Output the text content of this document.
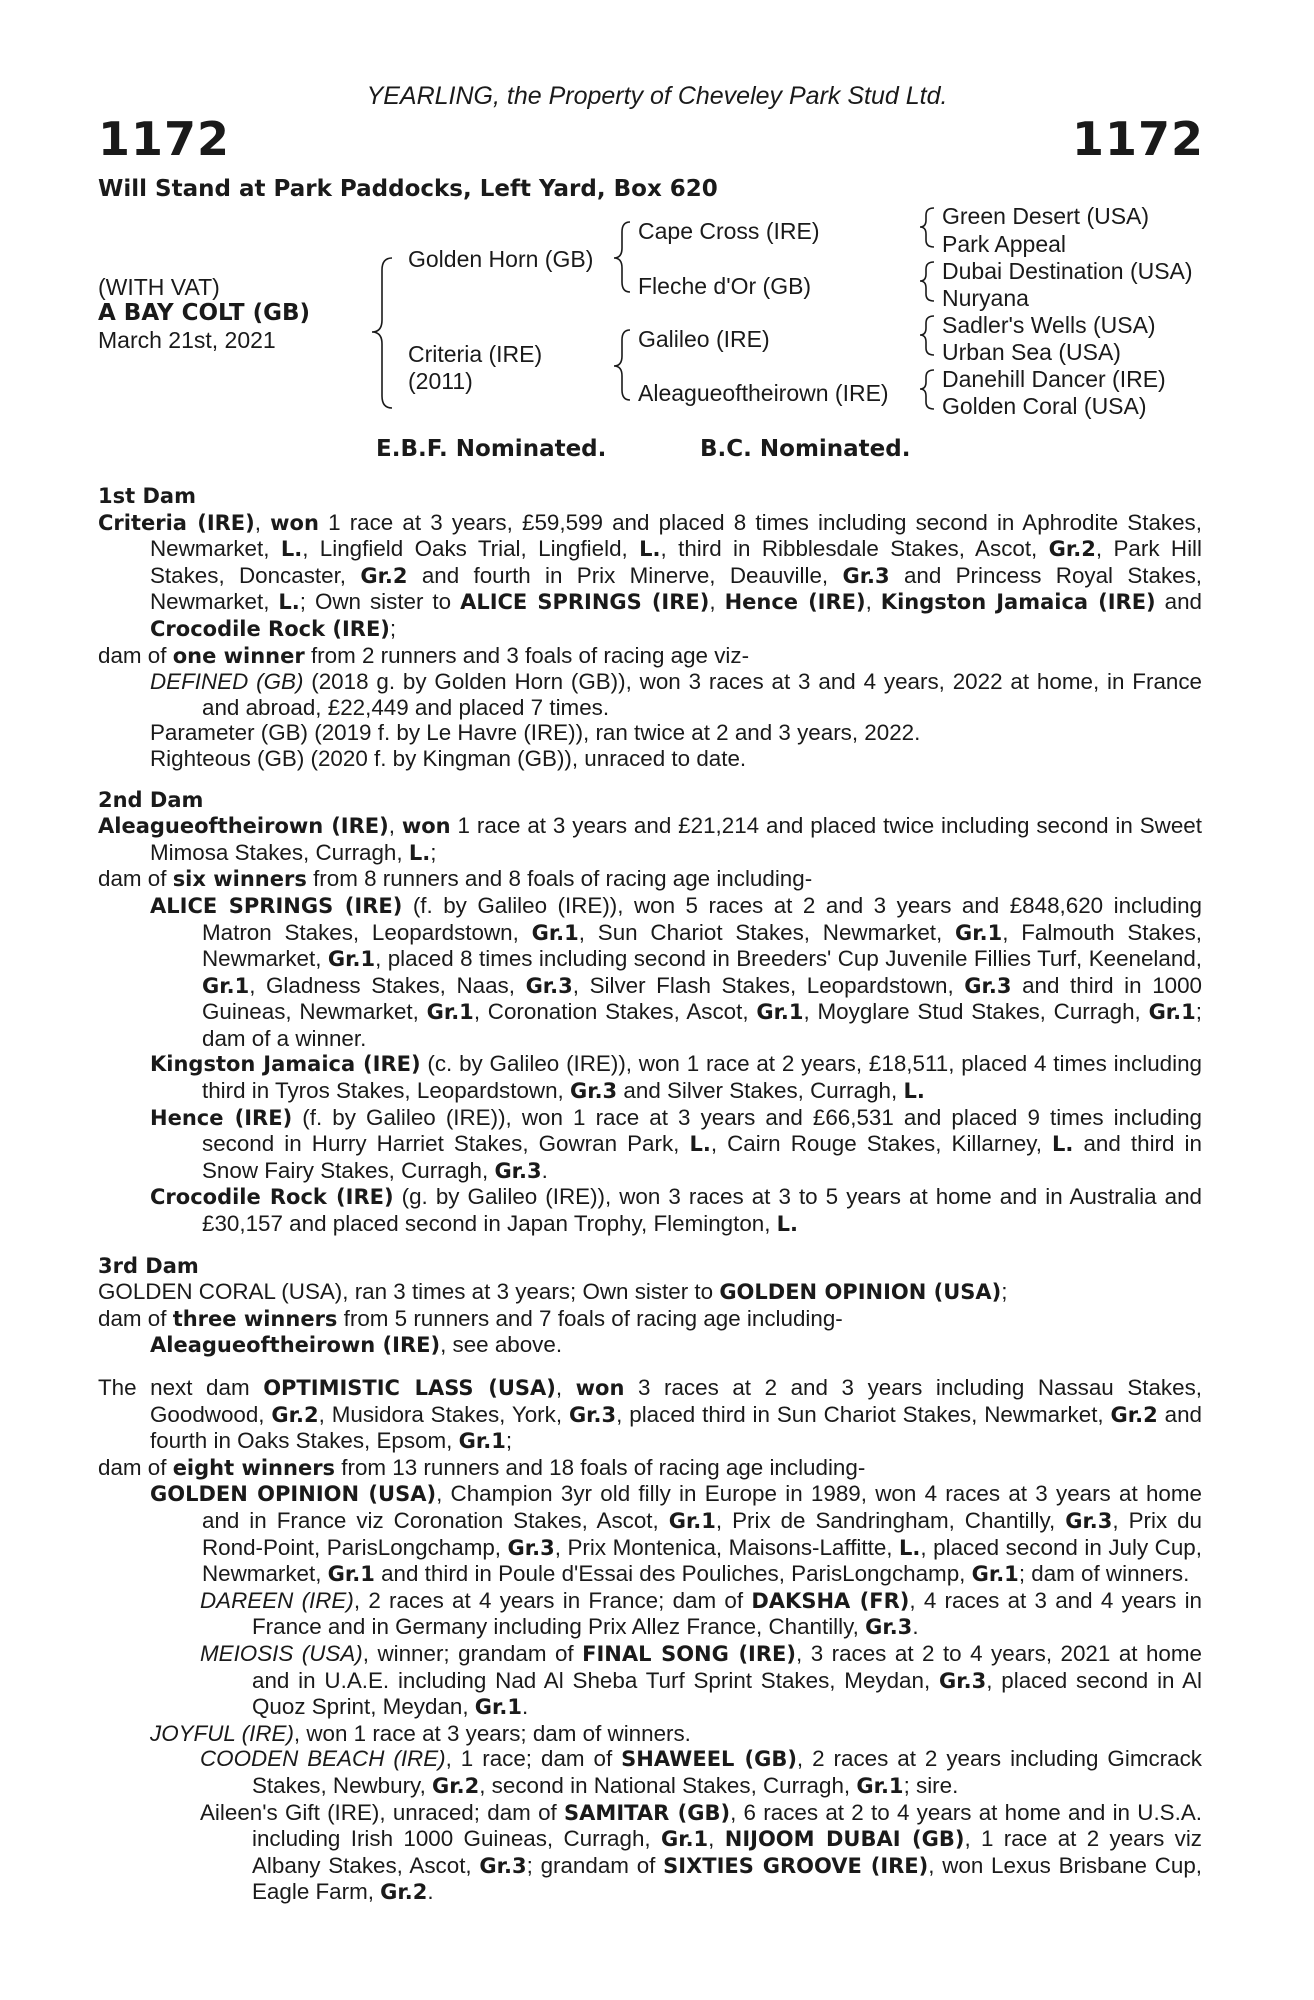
YEARLING, the Property of Cheveley Park Stud Ltd.
1172	1172
Will Stand at Park Paddocks, Left Yard, Box 620
(WITH VAT)
A BAY COLT (GB)
March 21st, 2021
Golden Horn (GB)
Criteria (IRE)
(2011)
Cape Cross (IRE)
Fleche d'Or (GB)
Galileo (IRE)
Aleagueoftheirown (IRE)
Green Desert (USA)
Park Appeal
Dubai Destination (USA)
Nuryana
Sadler's Wells (USA)
Urban Sea (USA)
Danehill Dancer (IRE)
Golden Coral (USA)
E.B.F. Nominated.	B.C. Nominated.
1st Dam
Criteria (IRE), won 1 race at 3 years, £59,599 and placed 8 times including second in Aphrodite Stakes, Newmarket, L., Lingfield Oaks Trial, Lingfield, L., third in Ribblesdale Stakes, Ascot, Gr.2, Park Hill Stakes, Doncaster, Gr.2 and fourth in Prix Minerve, Deauville, Gr.3 and Princess Royal Stakes, Newmarket, L.; Own sister to ALICE SPRINGS (IRE), Hence (IRE), Kingston Jamaica (IRE) and Crocodile Rock (IRE);
dam of one winner from 2 runners and 3 foals of racing age viz-
DEFINED (GB) (2018 g. by Golden Horn (GB)), won 3 races at 3 and 4 years, 2022 at home, in France and abroad, £22,449 and placed 7 times.
Parameter (GB) (2019 f. by Le Havre (IRE)), ran twice at 2 and 3 years, 2022.
Righteous (GB) (2020 f. by Kingman (GB)), unraced to date.
2nd Dam
Aleagueoftheirown (IRE), won 1 race at 3 years and £21,214 and placed twice including second in Sweet Mimosa Stakes, Curragh, L.;
dam of six winners from 8 runners and 8 foals of racing age including-
ALICE SPRINGS (IRE) (f. by Galileo (IRE)), won 5 races at 2 and 3 years and £848,620 including Matron Stakes, Leopardstown, Gr.1, Sun Chariot Stakes, Newmarket, Gr.1, Falmouth Stakes, Newmarket, Gr.1, placed 8 times including second in Breeders' Cup Juvenile Fillies Turf, Keeneland, Gr.1, Gladness Stakes, Naas, Gr.3, Silver Flash Stakes, Leopardstown, Gr.3 and third in 1000 Guineas, Newmarket, Gr.1, Coronation Stakes, Ascot, Gr.1, Moyglare Stud Stakes, Curragh, Gr.1; dam of a winner.
Kingston Jamaica (IRE) (c. by Galileo (IRE)), won 1 race at 2 years, £18,511, placed 4 times including third in Tyros Stakes, Leopardstown, Gr.3 and Silver Stakes, Curragh, L.
Hence (IRE) (f. by Galileo (IRE)), won 1 race at 3 years and £66,531 and placed 9 times including second in Hurry Harriet Stakes, Gowran Park, L., Cairn Rouge Stakes, Killarney, L. and third in Snow Fairy Stakes, Curragh, Gr.3.
Crocodile Rock (IRE) (g. by Galileo (IRE)), won 3 races at 3 to 5 years at home and in Australia and £30,157 and placed second in Japan Trophy, Flemington, L.
3rd Dam
GOLDEN CORAL (USA), ran 3 times at 3 years; Own sister to GOLDEN OPINION (USA);
dam of three winners from 5 runners and 7 foals of racing age including-
Aleagueoftheirown (IRE), see above.
The next dam OPTIMISTIC LASS (USA), won 3 races at 2 and 3 years including Nassau Stakes, Goodwood, Gr.2, Musidora Stakes, York, Gr.3, placed third in Sun Chariot Stakes, Newmarket, Gr.2 and fourth in Oaks Stakes, Epsom, Gr.1;
dam of eight winners from 13 runners and 18 foals of racing age including-
GOLDEN OPINION (USA), Champion 3yr old filly in Europe in 1989, won 4 races at 3 years at home and in France viz Coronation Stakes, Ascot, Gr.1, Prix de Sandringham, Chantilly, Gr.3, Prix du Rond-Point, ParisLongchamp, Gr.3, Prix Montenica, Maisons-Laffitte, L., placed second in July Cup, Newmarket, Gr.1 and third in Poule d'Essai des Pouliches, ParisLongchamp, Gr.1; dam of winners.
DAREEN (IRE), 2 races at 4 years in France; dam of DAKSHA (FR), 4 races at 3 and 4 years in France and in Germany including Prix Allez France, Chantilly, Gr.3.
MEIOSIS (USA), winner; grandam of FINAL SONG (IRE), 3 races at 2 to 4 years, 2021 at home and in U.A.E. including Nad Al Sheba Turf Sprint Stakes, Meydan, Gr.3, placed second in Al Quoz Sprint, Meydan, Gr.1.
JOYFUL (IRE), won 1 race at 3 years; dam of winners.
COODEN BEACH (IRE), 1 race; dam of SHAWEEL (GB), 2 races at 2 years including Gimcrack Stakes, Newbury, Gr.2, second in National Stakes, Curragh, Gr.1; sire.
Aileen's Gift (IRE), unraced; dam of SAMITAR (GB), 6 races at 2 to 4 years at home and in U.S.A. including Irish 1000 Guineas, Curragh, Gr.1, NIJOOM DUBAI (GB), 1 race at 2 years viz Albany Stakes, Ascot, Gr.3; grandam of SIXTIES GROOVE (IRE), won Lexus Brisbane Cup, Eagle Farm, Gr.2.
